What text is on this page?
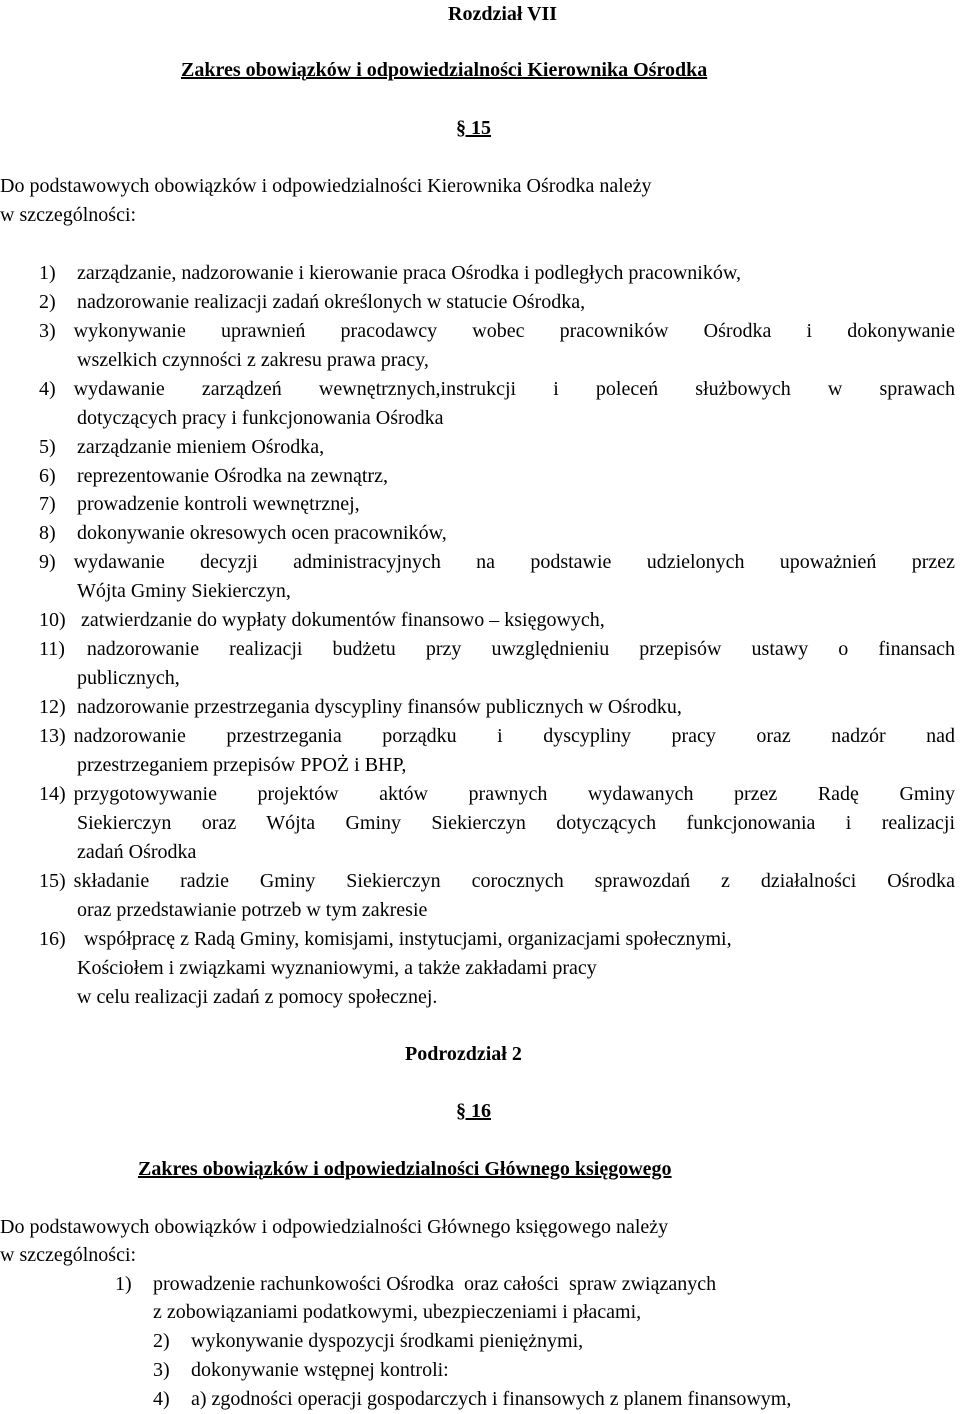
Rozdział VII
Zakres obowiązków i odpowiedzialności Kierownika Ośrodka
§ 15
Do podstawowych obowiązków i odpowiedzialności Kierownika Ośrodka należy
w szczególności:
1) zarządzanie, nadzorowanie i kierowanie praca Ośrodka i podległych pracowników,
2) nadzorowanie realizacji zadań określonych w statucie Ośrodka,
3) wykonywanie uprawnień pracodawcy wobec pracowników Ośrodka i dokonywanie
wszelkich czynności z zakresu prawa pracy,
4) wydawanie zarządzeń wewnętrznych,instrukcji i poleceń służbowych w sprawach
dotyczących pracy i funkcjonowania Ośrodka
5) zarządzanie mieniem Ośrodka,
6) reprezentowanie Ośrodka na zewnątrz,
7) prowadzenie kontroli wewnętrznej,
8) dokonywanie okresowych ocen pracowników,
9) wydawanie decyzji administracyjnych na podstawie udzielonych upoważnień przez
Wójta Gminy Siekierczyn,
10) zatwierdzanie do wypłaty dokumentów finansowo – księgowych,
11) nadzorowanie realizacji budżetu przy uwzględnieniu przepisów ustawy o finansach
publicznych,
12) nadzorowanie przestrzegania dyscypliny finansów publicznych w Ośrodku,
13) nadzorowanie przestrzegania porządku i dyscypliny pracy oraz nadzór nad
przestrzeganiem przepisów PPOŻ i BHP,
14) przygotowywanie projektów aktów prawnych wydawanych przez Radę Gminy
Siekierczyn oraz Wójta Gminy Siekierczyn dotyczących funkcjonowania i realizacji
zadań Ośrodka
15) składanie radzie Gminy Siekierczyn corocznych sprawozdań z działalności Ośrodka
oraz przedstawianie potrzeb w tym zakresie
16) współpracę z Radą Gminy, komisjami, instytucjami, organizacjami społecznymi,
Kościołem i związkami wyznaniowymi, a także zakładami pracy
w celu realizacji zadań z pomocy społecznej.
Podrozdział 2
§ 16
Zakres obowiązków i odpowiedzialności Głównego księgowego
Do podstawowych obowiązków i odpowiedzialności Głównego księgowego należy
w szczególności:
1) prowadzenie rachunkowości Ośrodka  oraz całości  spraw związanych
z zobowiązaniami podatkowymi, ubezpieczeniami i płacami,
2) wykonywanie dyspozycji środkami pieniężnymi,
3) dokonywanie wstępnej kontroli:
4) a) zgodności operacji gospodarczych i finansowych z planem finansowym,
